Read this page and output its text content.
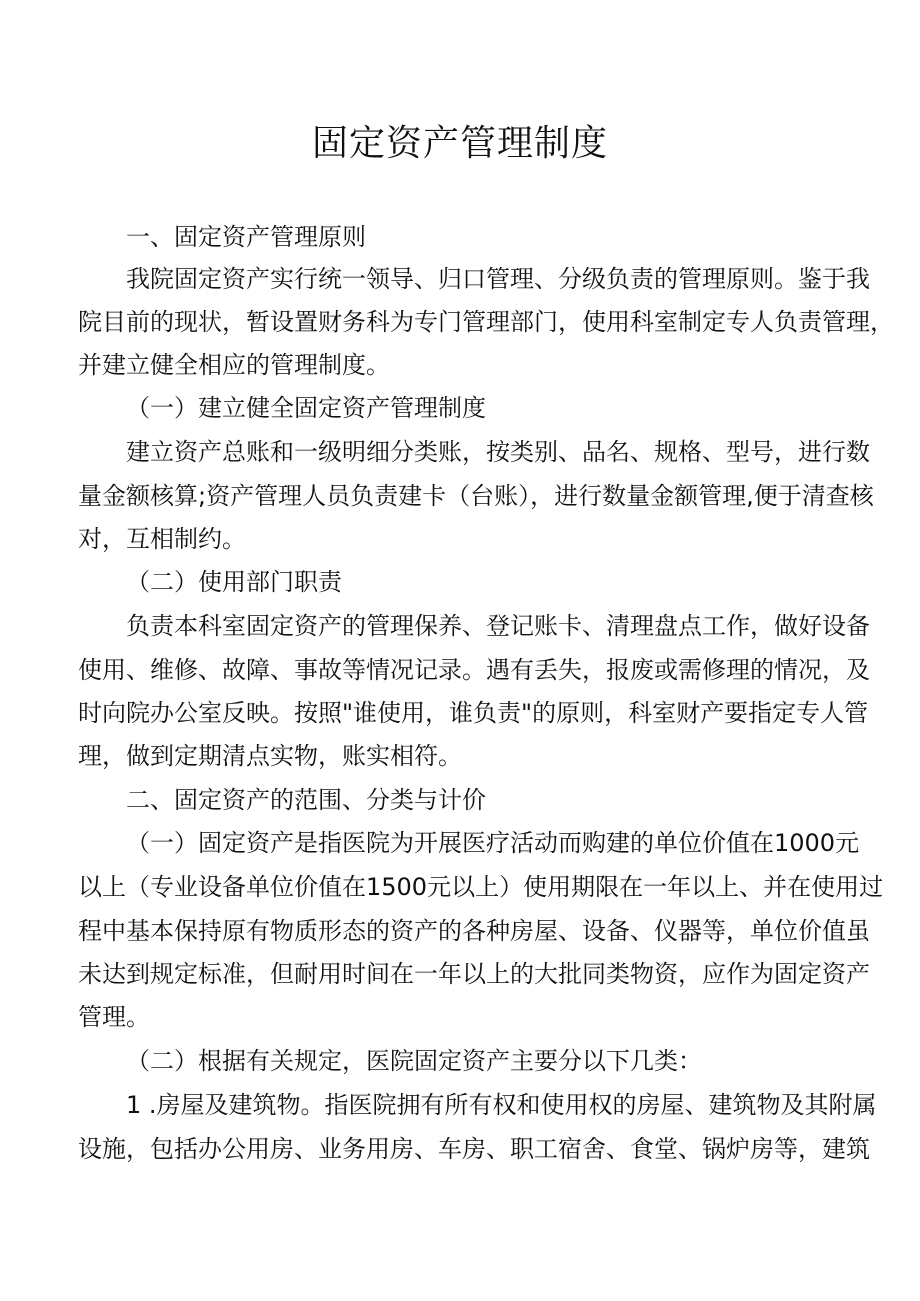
固定资产管理制度
一、固定资产管理原则
我院固定资产实行统一领导、归口管理、分级负责的管理原则。鉴于我
院目前的现状，暂设置财务科为专门管理部门，使用科室制定专人负责管理，
并建立健全相应的管理制度。
（一）建立健全固定资产管理制度
建立资产总账和一级明细分类账，按类别、品名、规格、型号，进行数
量金额核算;资产管理人员负责建卡（台账），进行数量金额管理,便于清查核
对，互相制约。
（二）使用部门职责
负责本科室固定资产的管理保养、登记账卡、清理盘点工作，做好设备
使用、维修、故障、事故等情况记录。遇有丢失，报废或需修理的情况，及
时向院办公室反映。按照"谁使用，谁负责"的原则，科室财产要指定专人管
理，做到定期清点实物，账实相符。
二、固定资产的范围、分类与计价
（一）固定资产是指医院为开展医疗活动而购建的单位价值在1000元
以上（专业设备单位价值在1500元以上）使用期限在一年以上、并在使用过
程中基本保持原有物质形态的资产的各种房屋、设备、仪器等，单位价值虽
未达到规定标准，但耐用时间在一年以上的大批同类物资，应作为固定资产
管理。
（二）根据有关规定，医院固定资产主要分以下几类：
1 .房屋及建筑物。指医院拥有所有权和使用权的房屋、建筑物及其附属
设施，包括办公用房、业务用房、车房、职工宿舍、食堂、锅炉房等，建筑
